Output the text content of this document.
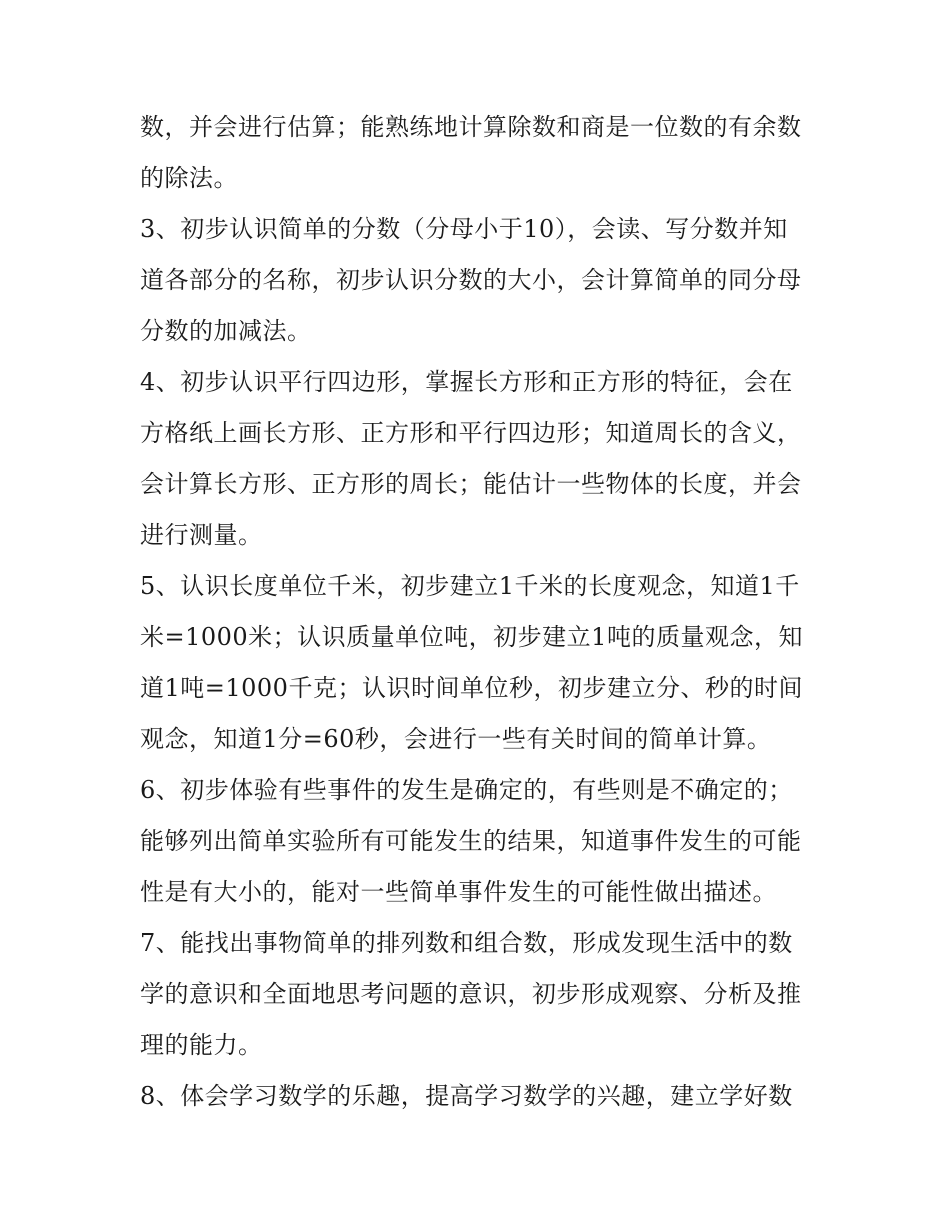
数，并会进行估算；能熟练地计算除数和商是一位数的有余数
的除法。
3、初步认识简单的分数（分母小于10），会读、写分数并知
道各部分的名称，初步认识分数的大小，会计算简单的同分母
分数的加减法。
4、初步认识平行四边形，掌握长方形和正方形的特征，会在
方格纸上画长方形、正方形和平行四边形；知道周长的含义，
会计算长方形、正方形的周长；能估计一些物体的长度，并会
进行测量。
5、认识长度单位千米，初步建立1千米的长度观念，知道1千
米=1000米；认识质量单位吨，初步建立1吨的质量观念，知
道1吨=1000千克；认识时间单位秒，初步建立分、秒的时间
观念，知道1分=60秒，会进行一些有关时间的简单计算。
6、初步体验有些事件的发生是确定的，有些则是不确定的；
能够列出简单实验所有可能发生的结果，知道事件发生的可能
性是有大小的，能对一些简单事件发生的可能性做出描述。
7、能找出事物简单的排列数和组合数，形成发现生活中的数
学的意识和全面地思考问题的意识，初步形成观察、分析及推
理的能力。
8、体会学习数学的乐趣，提高学习数学的兴趣，建立学好数
